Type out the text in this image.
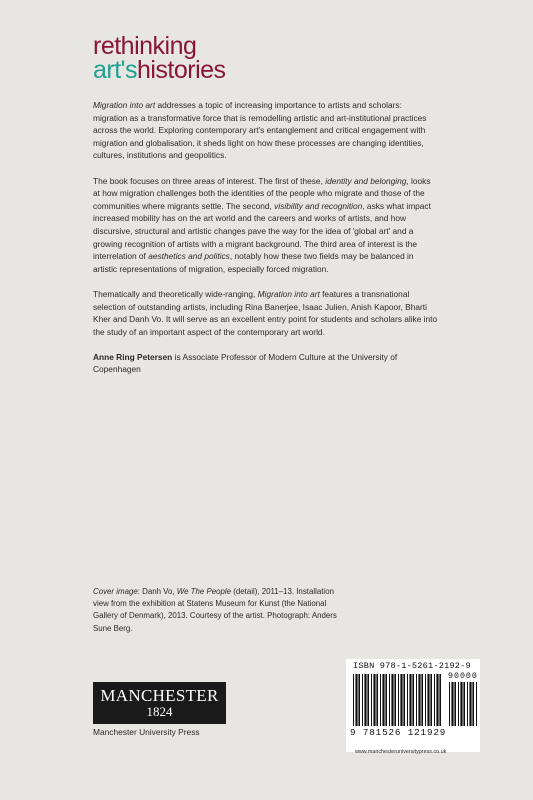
rethinking
art'shistories

Migration into art addresses a topic of increasing importance to artists and scholars: migration as a transformative force that is remodelling artistic and art-institutional practices across the world. Exploring contemporary art's entanglement and critical engagement with migration and globalisation, it sheds light on how these processes are changing identities, cultures, institutions and geopolitics.

The book focuses on three areas of interest. The first of these, identity and belonging, looks at how migration challenges both the identities of the people who migrate and those of the communities where migrants settle. The second, visibility and recognition, asks what impact increased mobility has on the art world and the careers and works of artists, and how discursive, structural and artistic changes pave the way for the idea of 'global art' and a growing recognition of artists with a migrant background. The third area of interest is the interrelation of aesthetics and politics, notably how these two fields may be balanced in artistic representations of migration, especially forced migration.

Thematically and theoretically wide-ranging, Migration into art features a transnational selection of outstanding artists, including Rina Banerjee, Isaac Julien, Anish Kapoor, Bharti Kher and Danh Vo. It will serve as an excellent entry point for students and scholars alike into the study of an important aspect of the contemporary art world.

Anne Ring Petersen is Associate Professor of Modern Culture at the University of Copenhagen

Cover image: Danh Vo, We The People (detail), 2011–13. Installation view from the exhibition at Statens Museum for Kunst (the National Gallery of Denmark), 2013. Courtesy of the artist. Photograph: Anders Sune Berg.
MANCHESTER
1824
Manchester University Press
ISBN 978-1-5261-2192-9
90000
9 781526 121929
www.manchesteruniversitypress.co.uk
